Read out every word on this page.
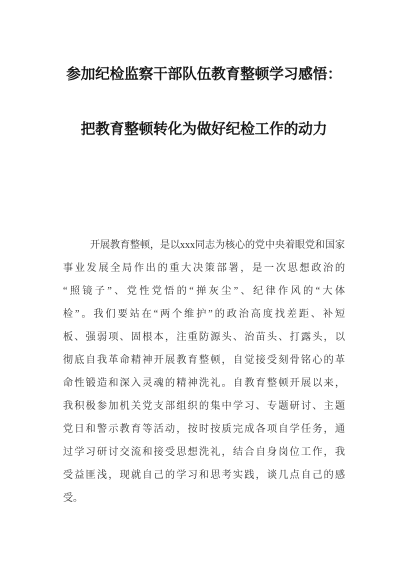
参加纪检监察干部队伍教育整顿学习感悟：
把教育整顿转化为做好纪检工作的动力
开展教育整顿，是以xxx同志为核心的党中央着眼党和国家
事业发展全局作出的重大决策部署，是一次思想政治的
“照镜子”、党性党悟的“掸灰尘”、纪律作风的“大体
检”。我们要站在“两个维护”的政治高度找差距、补短
板、强弱项、固根本，注重防源头、治苗头、打露头，以
彻底自我革命精神开展教育整顿，自觉接受刻骨铭心的革
命性锻造和深入灵魂的精神洗礼。自教育整顿开展以来，
我积极参加机关党支部组织的集中学习、专题研讨、主题
党日和警示教育等活动，按时按质完成各项自学任务，通
过学习研讨交流和接受思想洗礼，结合自身岗位工作，我
受益匪浅，现就自己的学习和思考实践，谈几点自己的感
受。
